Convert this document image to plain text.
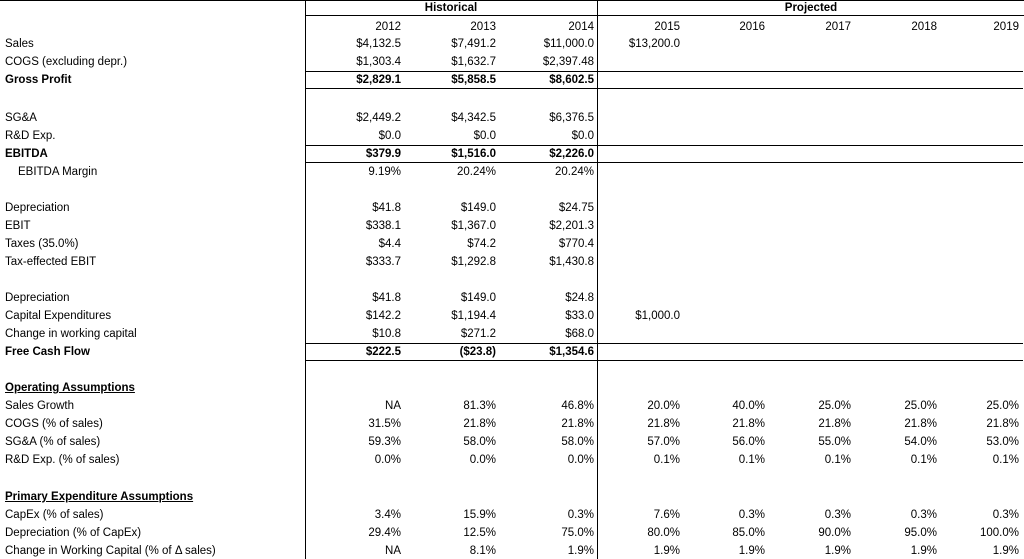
Historical	Projected
2012	2013	2014	2015	2016	2017	2018	2019
Sales	$4,132.5	$7,491.2	$11,000.0	$13,200.0
COGS (excluding depr.)	$1,303.4	$1,632.7	$2,397.48
Gross Profit	$2,829.1	$5,858.5	$8,602.5
SG&A	$2,449.2	$4,342.5	$6,376.5
R&D Exp.	$0.0	$0.0	$0.0
EBITDA	$379.9	$1,516.0	$2,226.0
EBITDA Margin	9.19%	20.24%	20.24%
Depreciation	$41.8	$149.0	$24.75
EBIT	$338.1	$1,367.0	$2,201.3
Taxes (35.0%)	$4.4	$74.2	$770.4
Tax-effected EBIT	$333.7	$1,292.8	$1,430.8
Depreciation	$41.8	$149.0	$24.8
Capital Expenditures	$142.2	$1,194.4	$33.0	$1,000.0
Change in working capital	$10.8	$271.2	$68.0
Free Cash Flow	$222.5	($23.8)	$1,354.6
Operating Assumptions
Sales Growth	NA	81.3%	46.8%	20.0%	40.0%	25.0%	25.0%	25.0%
COGS (% of sales)	31.5%	21.8%	21.8%	21.8%	21.8%	21.8%	21.8%	21.8%
SG&A (% of sales)	59.3%	58.0%	58.0%	57.0%	56.0%	55.0%	54.0%	53.0%
R&D Exp. (% of sales)	0.0%	0.0%	0.0%	0.1%	0.1%	0.1%	0.1%	0.1%
Primary Expenditure Assumptions
CapEx (% of sales)	3.4%	15.9%	0.3%	7.6%	0.3%	0.3%	0.3%	0.3%
Depreciation (% of CapEx)	29.4%	12.5%	75.0%	80.0%	85.0%	90.0%	95.0%	100.0%
Change in Working Capital (% of Δ sales)	NA	8.1%	1.9%	1.9%	1.9%	1.9%	1.9%	1.9%
